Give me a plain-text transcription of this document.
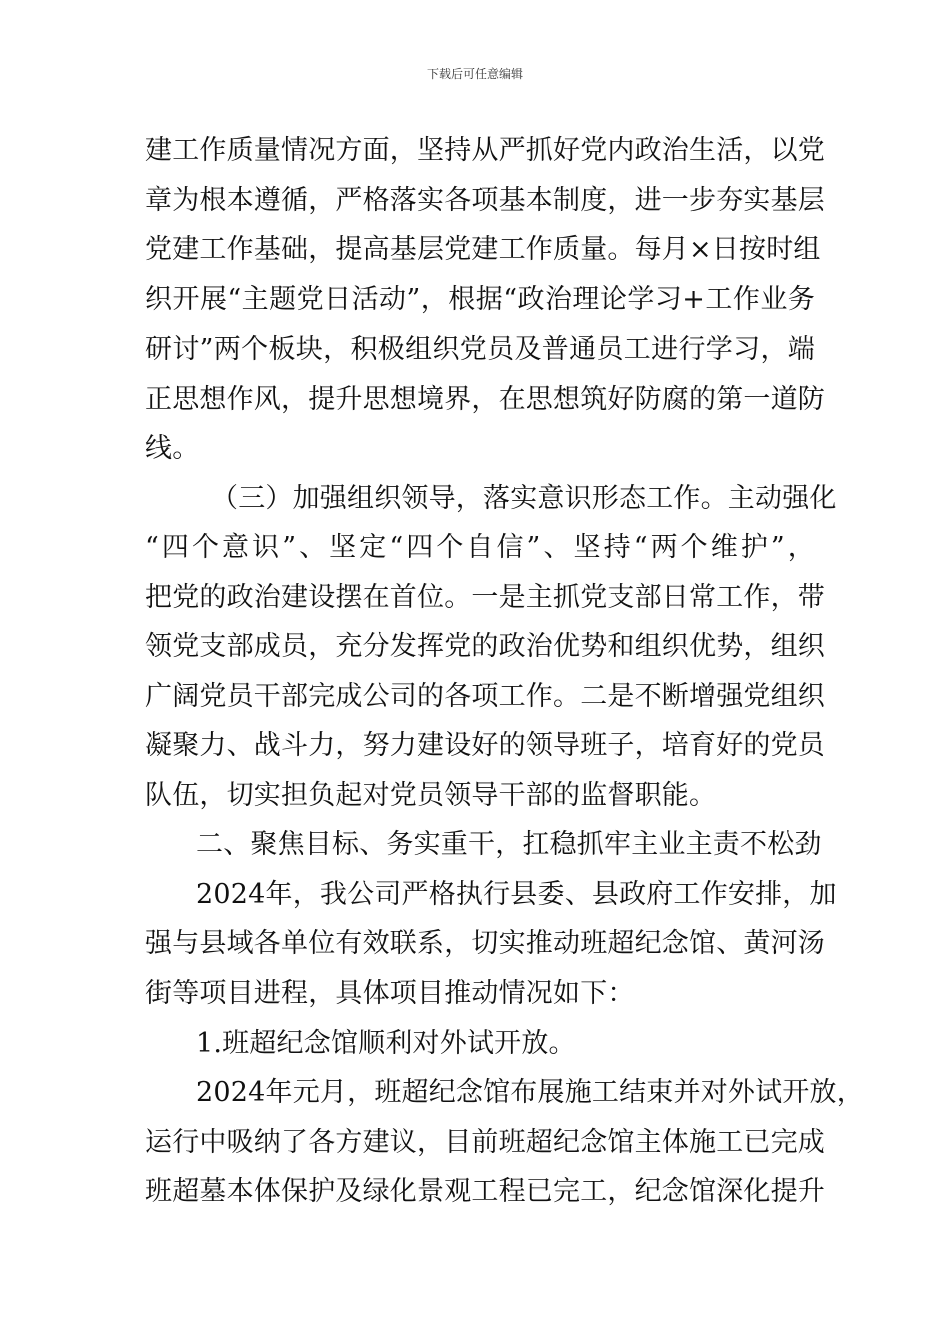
下载后可任意编辑
建工作质量情况方面，坚持从严抓好党内政治生活，以党
章为根本遵循，严格落实各项基本制度，进一步夯实基层
党建工作基础，提高基层党建工作质量。每月×日按时组
织开展“主题党日活动”，根据“政治理论学习+工作业务
研讨”两个板块，积极组织党员及普通员工进行学习，端
正思想作风，提升思想境界，在思想筑好防腐的第一道防
线。
（三）加强组织领导，落实意识形态工作。主动强化
“四个意识”、坚定“四个自信”、坚持“两个维护”，
把党的政治建设摆在首位。一是主抓党支部日常工作，带
领党支部成员，充分发挥党的政治优势和组织优势，组织
广阔党员干部完成公司的各项工作。二是不断增强党组织
凝聚力、战斗力，努力建设好的领导班子，培育好的党员
队伍，切实担负起对党员领导干部的监督职能。
二、聚焦目标、务实重干，扛稳抓牢主业主责不松劲
2024年，我公司严格执行县委、县政府工作安排，加
强与县域各单位有效联系，切实推动班超纪念馆、黄河汤
街等项目进程，具体项目推动情况如下：
1.班超纪念馆顺利对外试开放。
2024年元月，班超纪念馆布展施工结束并对外试开放，
运行中吸纳了各方建议，目前班超纪念馆主体施工已完成
班超墓本体保护及绿化景观工程已完工，纪念馆深化提升
